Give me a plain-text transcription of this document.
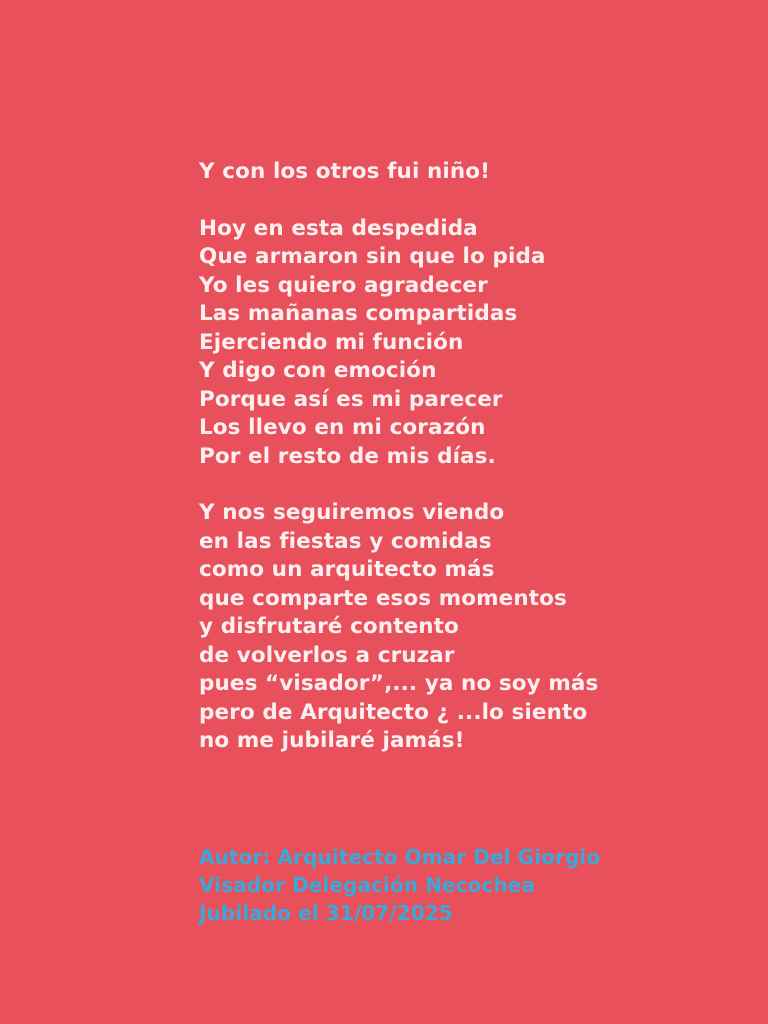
Y con los otros fui niño!
Hoy en esta despedida
Que armaron sin que lo pida
Yo les quiero agradecer
Las mañanas compartidas
Ejerciendo mi función
Y digo con emoción
Porque así es mi parecer
Los llevo en mi corazón
Por el resto de mis días.
Y nos seguiremos viendo
en las fiestas y comidas
como un arquitecto más
que comparte esos momentos
y disfrutaré contento
de volverlos a cruzar
pues “visador”,... ya no soy más
pero de Arquitecto ¿ ...lo siento
no me jubilaré jamás!
Autor: Arquitecto Omar Del Giorgio
Visador Delegación Necochea
Jubilado el 31/07/2025
